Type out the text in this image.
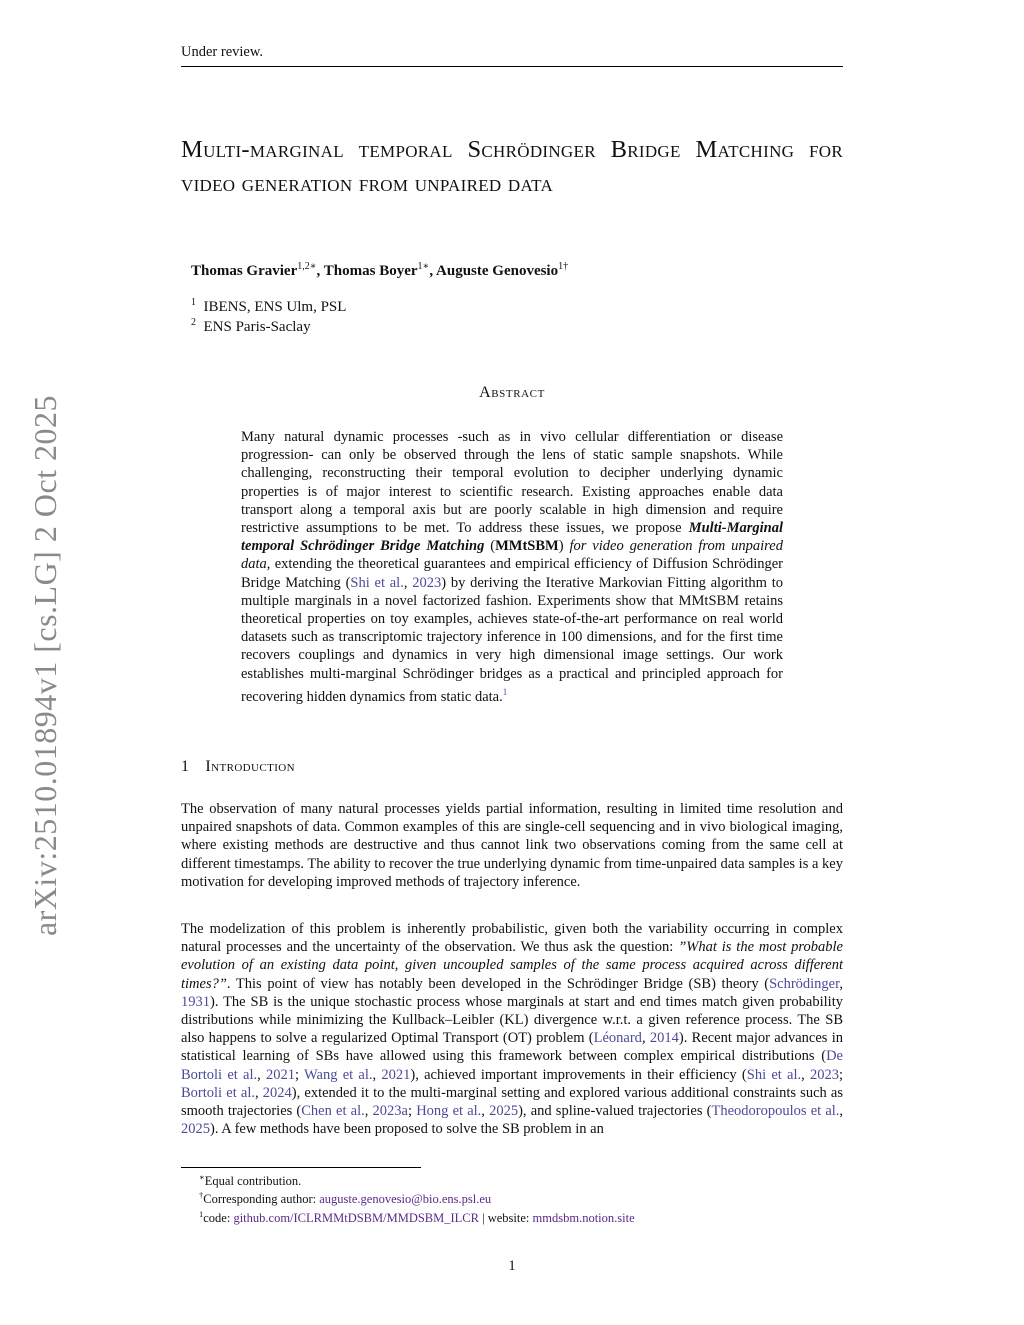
Under review.
arXiv:2510.01894v1 [cs.LG] 2 Oct 2025
Multi-marginal temporal Schrödinger Bridge Matching for video generation from unpaired data
Thomas Gravier$^{1,2∗}$, Thomas Boyer$^{1∗}$, Auguste Genovesio$^{1\dagger}$
$^1$ IBENS, ENS Ulm, PSL
$^2$ ENS Paris-Saclay
Abstract

Many natural dynamic processes -such as in vivo cellular differentiation or disease progression- can only be observed through the lens of static sample snapshots. While challenging, reconstructing their temporal evolution to decipher underlying dynamic properties is of major interest to scientific research. Existing approaches enable data transport along a temporal axis but are poorly scalable in high dimension and require restrictive assumptions to be met. To address these issues, we propose Multi-Marginal temporal Schrödinger Bridge Matching (MMtSBM) for video generation from unpaired data, extending the theoretical guarantees and empirical efficiency of Diffusion Schrödinger Bridge Matching (Shi et al., 2023) by deriving the Iterative Markovian Fitting algorithm to multiple marginals in a novel factorized fashion. Experiments show that MMtSBM retains theoretical properties on toy examples, achieves state-of-the-art performance on real world datasets such as transcriptomic trajectory inference in 100 dimensions, and for the first time recovers couplings and dynamics in very high dimensional image settings. Our work establishes multi-marginal Schrödinger bridges as a practical and principled approach for recovering hidden dynamics from static data.$^1$

1 Introduction

The observation of many natural processes yields partial information, resulting in limited time resolution and unpaired snapshots of data. Common examples of this are single-cell sequencing and in vivo biological imaging, where existing methods are destructive and thus cannot link two observations coming from the same cell at different timestamps. The ability to recover the true underlying dynamic from time-unpaired data samples is a key motivation for developing improved methods of trajectory inference.

The modelization of this problem is inherently probabilistic, given both the variability occurring in complex natural processes and the uncertainty of the observation. We thus ask the question: ”What is the most probable evolution of an existing data point, given uncoupled samples of the same process acquired across different times?”. This point of view has notably been developed in the Schrödinger Bridge (SB) theory (Schrödinger, 1931). The SB is the unique stochastic process whose marginals at start and end times match given probability distributions while minimizing the Kullback–Leibler (KL) divergence w.r.t. a given reference process. The SB also happens to solve a regularized Optimal Transport (OT) problem (Léonard, 2014). Recent major advances in statistical learning of SBs have allowed using this framework between complex empirical distributions (De Bortoli et al., 2021; Wang et al., 2021), achieved important improvements in their efficiency (Shi et al., 2023; Bortoli et al., 2024), extended it to the multi-marginal setting and explored various additional constraints such as smooth trajectories (Chen et al., 2023a; Hong et al., 2025), and spline-valued trajectories (Theodoropoulos et al., 2025). A few methods have been proposed to solve the SB problem in an

∗Equal contribution.
†Corresponding author: auguste.genovesio@bio.ens.psl.eu
$^1$code: github.com/ICLRMMtDSBM/MMDSBM_ILCR | website: mmdsbm.notion.site
1
